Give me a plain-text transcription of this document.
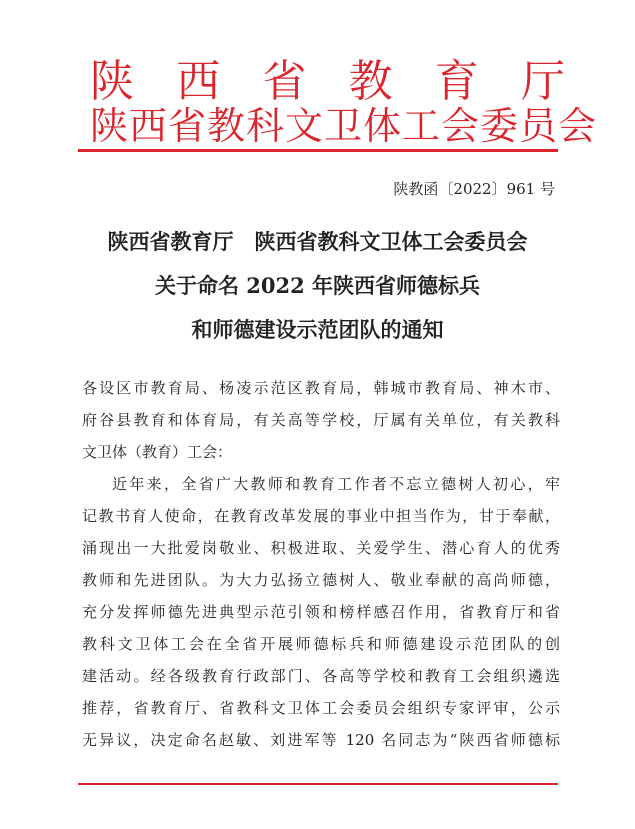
陕 西 省 教 育 厅
陕西省教科文卫体工会委员会
陕教函〔2022〕961 号
陕西省教育厅　陕西省教科文卫体工会委员会
关于命名 2022 年陕西省师德标兵
和师德建设示范团队的通知

各设区市教育局、杨凌示范区教育局，韩城市教育局、神木市、

府谷县教育和体育局，有关高等学校，厅属有关单位，有关教科

文卫体（教育）工会：

近年来，全省广大教师和教育工作者不忘立德树人初心，牢

记教书育人使命，在教育改革发展的事业中担当作为，甘于奉献，

涌现出一大批爱岗敬业、积极进取、关爱学生、潜心育人的优秀

教师和先进团队。为大力弘扬立德树人、敬业奉献的高尚师德，

充分发挥师德先进典型示范引领和榜样感召作用，省教育厅和省

教科文卫体工会在全省开展师德标兵和师德建设示范团队的创

建活动。经各级教育行政部门、各高等学校和教育工会组织遴选

推荐，省教育厅、省教科文卫体工会委员会组织专家评审，公示

无异议，决定命名赵敏、刘进军等 120 名同志为“陕西省师德标
